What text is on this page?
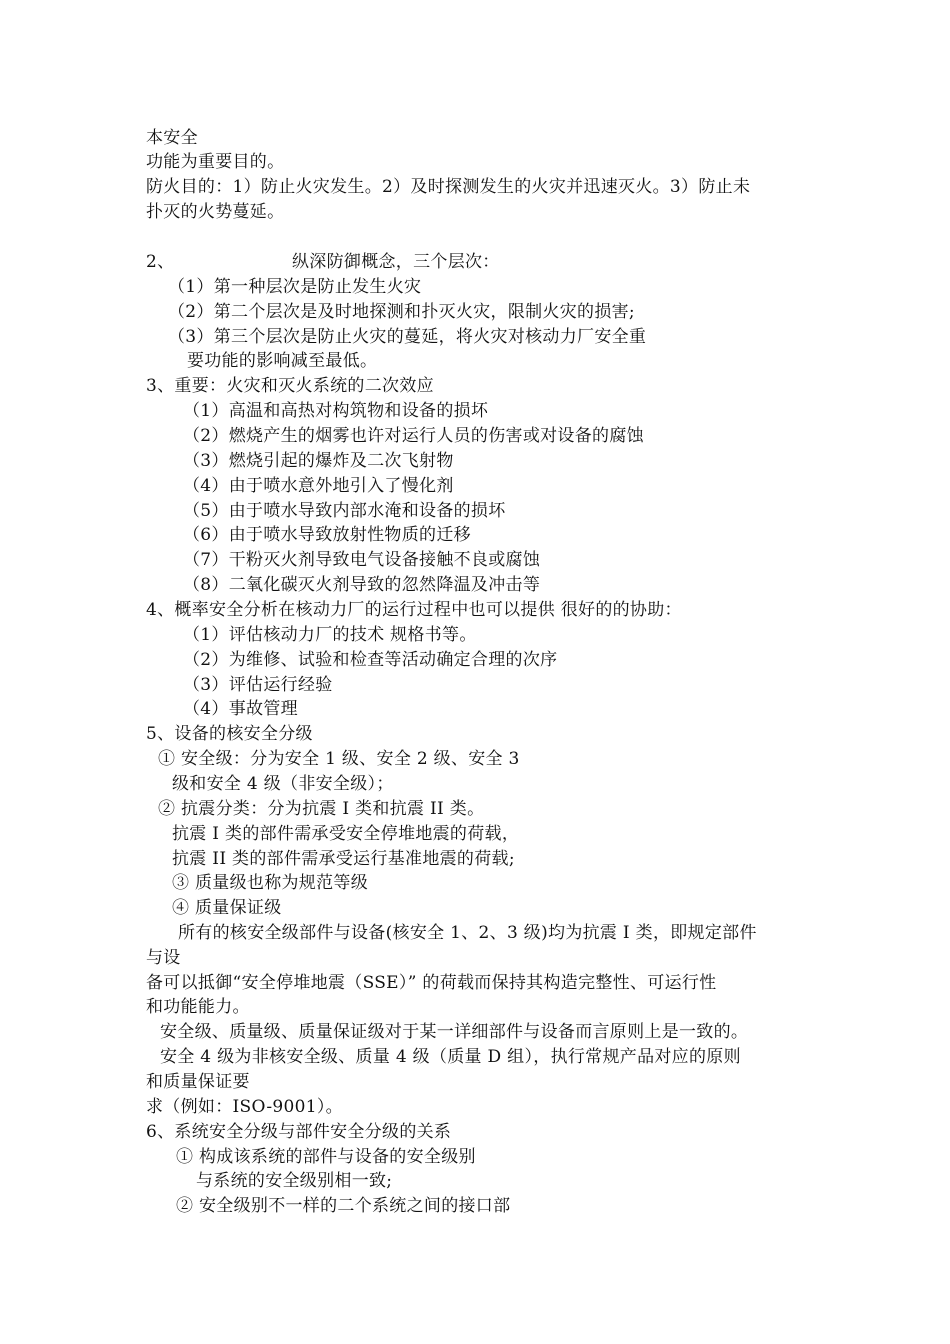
本安全
功能为重要目的。
防火目的：1）防止火灾发生。2）及时探测发生的火灾并迅速灭火。3）防止未
扑灭的火势蔓延。
2、	纵深防御概念，三个层次：
（1）第一种层次是防止发生火灾
（2）第二个层次是及时地探测和扑灭火灾，限制火灾的损害;
（3）第三个层次是防止火灾的蔓延，将火灾对核动力厂安全重
要功能的影响减至最低。
3、重要：火灾和灭火系统的二次效应
（1）高温和高热对构筑物和设备的损坏
（2）燃烧产生的烟雾也许对运行人员的伤害或对设备的腐蚀
（3）燃烧引起的爆炸及二次飞射物
（4）由于喷水意外地引入了慢化剂
（5）由于喷水导致内部水淹和设备的损坏
（6）由于喷水导致放射性物质的迁移
（7）干粉灭火剂导致电气设备接触不良或腐蚀
（8）二氧化碳灭火剂导致的忽然降温及冲击等
4、概率安全分析在核动力厂的运行过程中也可以提供 很好的的协助：
（1）评估核动力厂的技术 规格书等。
（2）为维修、试验和检查等活动确定合理的次序
（3）评估运行经验
（4）事故管理
5、设备的核安全分级
① 安全级：分为安全 1 级、安全 2 级、安全 3
级和安全 4 级（非安全级）；
② 抗震分类：分为抗震 I 类和抗震 II 类。
抗震 I 类的部件需承受安全停堆地震的荷载，
抗震 II 类的部件需承受运行基准地震的荷载;
③ 质量级也称为规范等级
④ 质量保证级
所有的核安全级部件与设备(核安全 1、2、3 级)均为抗震 Ⅰ 类，即规定部件
与设
备可以抵御“安全停堆地震（SSE）” 的荷载而保持其构造完整性、可运行性
和功能能力。
安全级、质量级、质量保证级对于某一详细部件与设备而言原则上是一致的。
安全 4 级为非核安全级、质量 4 级（质量 D 组），执行常规产品对应的原则
和质量保证要
求（例如：ISO-9001）。
6、系统安全分级与部件安全分级的关系
① 构成该系统的部件与设备的安全级别
与系统的安全级别相一致;
② 安全级别不一样的二个系统之间的接口部
